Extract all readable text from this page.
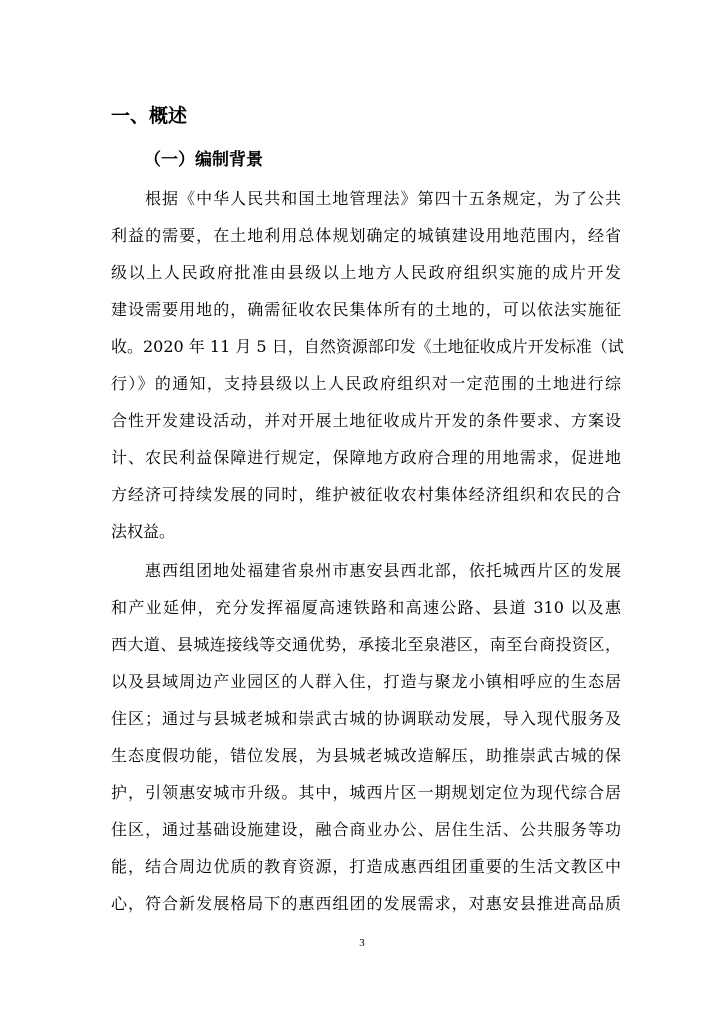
一、概述
（一）编制背景
根据《中华人民共和国土地管理法》第四十五条规定，为了公共
利益的需要，在土地利用总体规划确定的城镇建设用地范围内，经省
级以上人民政府批准由县级以上地方人民政府组织实施的成片开发
建设需要用地的，确需征收农民集体所有的土地的，可以依法实施征
收。2020 年 11 月 5 日，自然资源部印发《土地征收成片开发标准（试
行）》的通知，支持县级以上人民政府组织对一定范围的土地进行综
合性开发建设活动，并对开展土地征收成片开发的条件要求、方案设
计、农民利益保障进行规定，保障地方政府合理的用地需求，促进地
方经济可持续发展的同时，维护被征收农村集体经济组织和农民的合
法权益。
惠西组团地处福建省泉州市惠安县西北部，依托城西片区的发展
和产业延伸，充分发挥福厦高速铁路和高速公路、县道 310 以及惠
西大道、县城连接线等交通优势，承接北至泉港区，南至台商投资区，
以及县域周边产业园区的人群入住，打造与聚龙小镇相呼应的生态居
住区；通过与县城老城和崇武古城的协调联动发展，导入现代服务及
生态度假功能，错位发展，为县城老城改造解压，助推崇武古城的保
护，引领惠安城市升级。其中，城西片区一期规划定位为现代综合居
住区，通过基础设施建设，融合商业办公、居住生活、公共服务等功
能，结合周边优质的教育资源，打造成惠西组团重要的生活文教区中
心，符合新发展格局下的惠西组团的发展需求，对惠安县推进高品质
3
